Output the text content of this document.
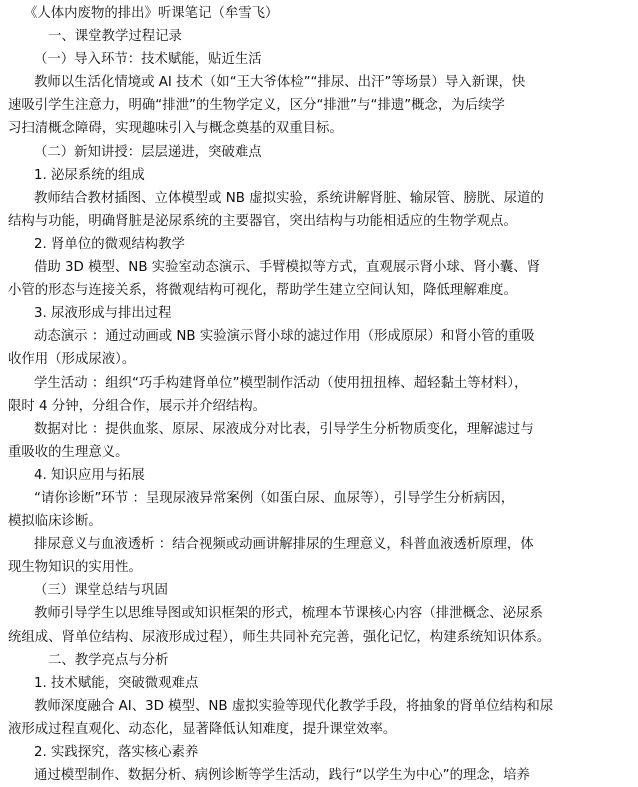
《人体内废物的排出》听课笔记（牟雪飞）
一、课堂教学过程记录
（一）导入环节：技术赋能，贴近生活
教师以生活化情境或 AI 技术（如“王大爷体检”“排尿、出汗”等场景）导入新课，快
速吸引学生注意力，明确“排泄”的生物学定义，区分“排泄”与“排遗”概念，为后续学
习扫清概念障碍，实现趣味引入与概念奠基的双重目标。
（二）新知讲授：层层递进，突破难点
1. 泌尿系统的组成
教师结合教材插图、立体模型或 NB 虚拟实验，系统讲解肾脏、输尿管、膀胱、尿道的
结构与功能，明确肾脏是泌尿系统的主要器官，突出结构与功能相适应的生物学观点。
2. 肾单位的微观结构教学
借助 3D 模型、NB 实验室动态演示、手臂模拟等方式，直观展示肾小球、肾小囊、肾
小管的形态与连接关系，将微观结构可视化，帮助学生建立空间认知，降低理解难度。
3. 尿液形成与排出过程
动态演示 ：通过动画或 NB 实验演示肾小球的滤过作用（形成原尿）和肾小管的重吸
收作用（形成尿液）。
学生活动 ：组织“巧手构建肾单位”模型制作活动（使用扭扭棒、超轻黏土等材料），
限时 4 分钟，分组合作，展示并介绍结构。
数据对比 ：提供血浆、原尿、尿液成分对比表，引导学生分析物质变化，理解滤过与
重吸收的生理意义。
4. 知识应用与拓展
“请你诊断”环节 ：呈现尿液异常案例（如蛋白尿、血尿等），引导学生分析病因，
模拟临床诊断。
排尿意义与血液透析 ：结合视频或动画讲解排尿的生理意义，科普血液透析原理，体
现生物知识的实用性。
（三）课堂总结与巩固
教师引导学生以思维导图或知识框架的形式，梳理本节课核心内容（排泄概念、泌尿系
统组成、肾单位结构、尿液形成过程），师生共同补充完善，强化记忆，构建系统知识体系。
二、教学亮点与分析
1. 技术赋能，突破微观难点
教师深度融合 AI、3D 模型、NB 虚拟实验等现代化教学手段，将抽象的肾单位结构和尿
液形成过程直观化、动态化，显著降低认知难度，提升课堂效率。
2. 实践探究，落实核心素养
通过模型制作、数据分析、病例诊断等学生活动，践行“以学生为中心”的理念，培养
